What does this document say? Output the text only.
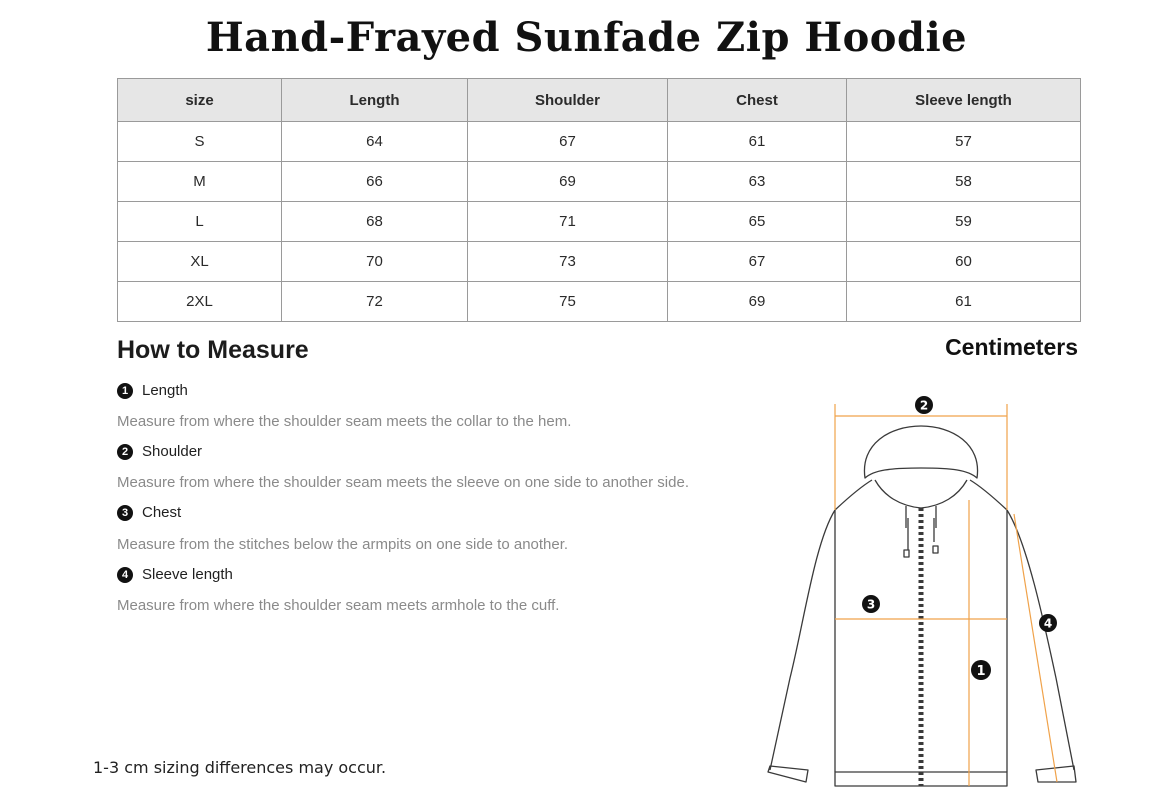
Hand-Frayed Sunfade Zip Hoodie
size	Length	Shoulder	Chest	Sleeve length
S	64	67	61	57
M	66	69	63	58
L	68	71	65	59
XL	70	73	67	60
2XL	72	75	69	61
How to Measure	Centimeters
1 Length
Measure from where the shoulder seam meets the collar to the hem.
2 Shoulder
Measure from where the shoulder seam meets the sleeve on one side to another side.
3 Chest
Measure from the stitches below the armpits on one side to another.
4 Sleeve length
Measure from where the shoulder seam meets armhole to the cuff.
2
3
1
4
1-3 cm sizing differences may occur.
